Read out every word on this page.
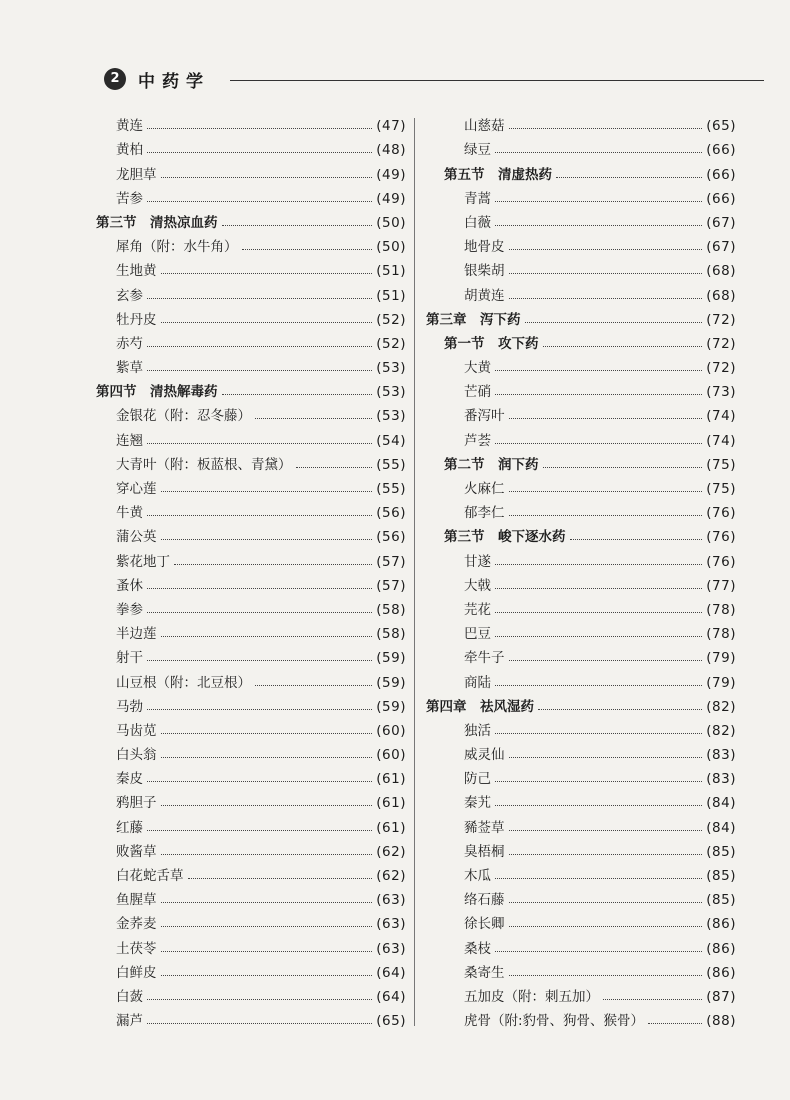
2	中药学
黄连	(47)
黄柏	(48)
龙胆草	(49)
苦参	(49)
第三节　清热凉血药	(50)
犀角（附：水牛角）	(50)
生地黄	(51)
玄参	(51)
牡丹皮	(52)
赤芍	(52)
紫草	(53)
第四节　清热解毒药	(53)
金银花（附：忍冬藤）	(53)
连翘	(54)
大青叶（附：板蓝根、青黛）	(55)
穿心莲	(55)
牛黄	(56)
蒲公英	(56)
紫花地丁	(57)
蚤休	(57)
拳参	(58)
半边莲	(58)
射干	(59)
山豆根（附：北豆根）	(59)
马勃	(59)
马齿苋	(60)
白头翁	(60)
秦皮	(61)
鸦胆子	(61)
红藤	(61)
败酱草	(62)
白花蛇舌草	(62)
鱼腥草	(63)
金荞麦	(63)
土茯苓	(63)
白鲜皮	(64)
白蔹	(64)
漏芦	(65)
山慈菇	(65)
绿豆	(66)
第五节　清虚热药	(66)
青蒿	(66)
白薇	(67)
地骨皮	(67)
银柴胡	(68)
胡黄连	(68)
第三章　泻下药	(72)
第一节　攻下药	(72)
大黄	(72)
芒硝	(73)
番泻叶	(74)
芦荟	(74)
第二节　润下药	(75)
火麻仁	(75)
郁李仁	(76)
第三节　峻下逐水药	(76)
甘遂	(76)
大戟	(77)
芫花	(78)
巴豆	(78)
牵牛子	(79)
商陆	(79)
第四章　祛风湿药	(82)
独活	(82)
威灵仙	(83)
防己	(83)
秦艽	(84)
豨莶草	(84)
臭梧桐	(85)
木瓜	(85)
络石藤	(85)
徐长卿	(86)
桑枝	(86)
桑寄生	(86)
五加皮（附：刺五加）	(87)
虎骨（附:豹骨、狗骨、猴骨）	(88)
